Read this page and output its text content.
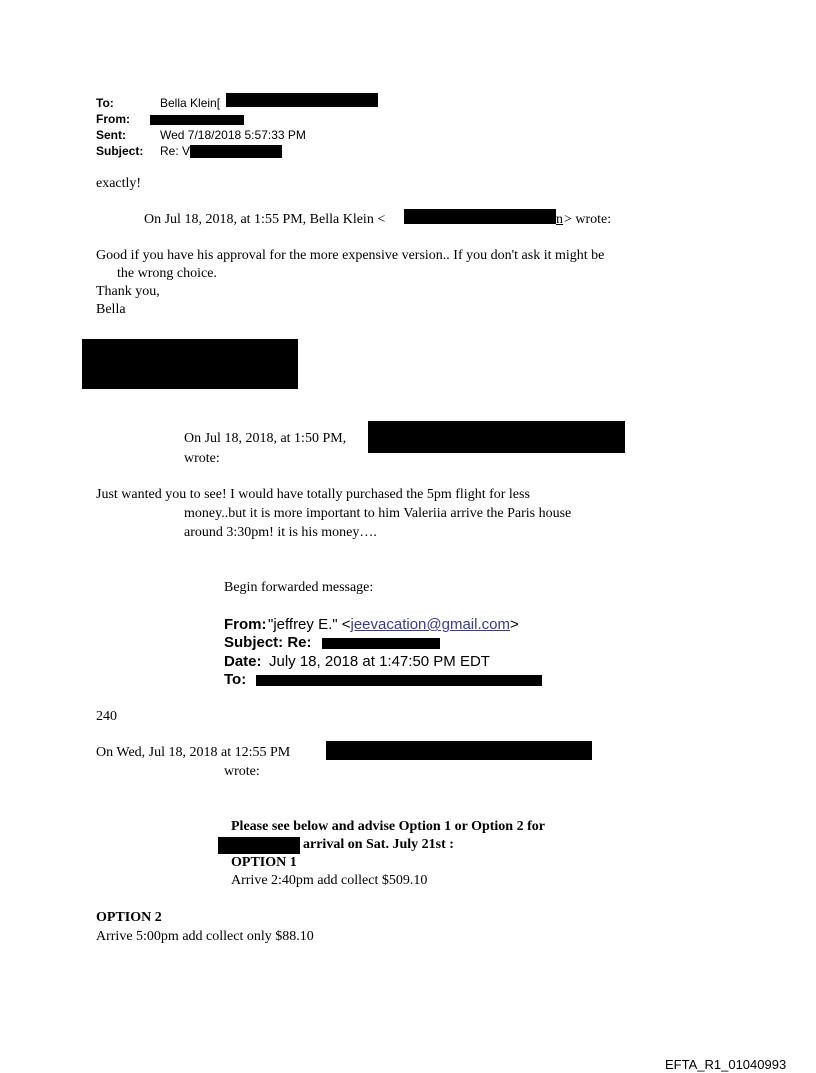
To:	Bella Klein[
From:
Sent:	Wed 7/18/2018 5:57:33 PM
Subject: Re: V
exactly!
On Jul 18, 2018, at 1:55 PM, Bella Klein <	n > wrote:
Good if you have his approval for the more expensive version.. If you don't ask it might be
the wrong choice.
Thank you,
Bella
On Jul 18, 2018, at 1:50 PM,
wrote:
Just wanted you to see! I would have totally purchased the 5pm flight for less
money..but it is more important to him Valeriia arrive the Paris house
around 3:30pm! it is his money….
Begin forwarded message:
From: "jeffrey E." <jeevacation@gmail.com>
Subject: Re:
Date: July 18, 2018 at 1:47:50 PM EDT
To:
240
On Wed, Jul 18, 2018 at 12:55 PM
wrote:
Please see below and advise Option 1 or Option 2 for
arrival on Sat. July 21st :
OPTION 1
Arrive 2:40pm add collect $509.10
OPTION 2
Arrive 5:00pm add collect only $88.10
EFTA_R1_01040993
